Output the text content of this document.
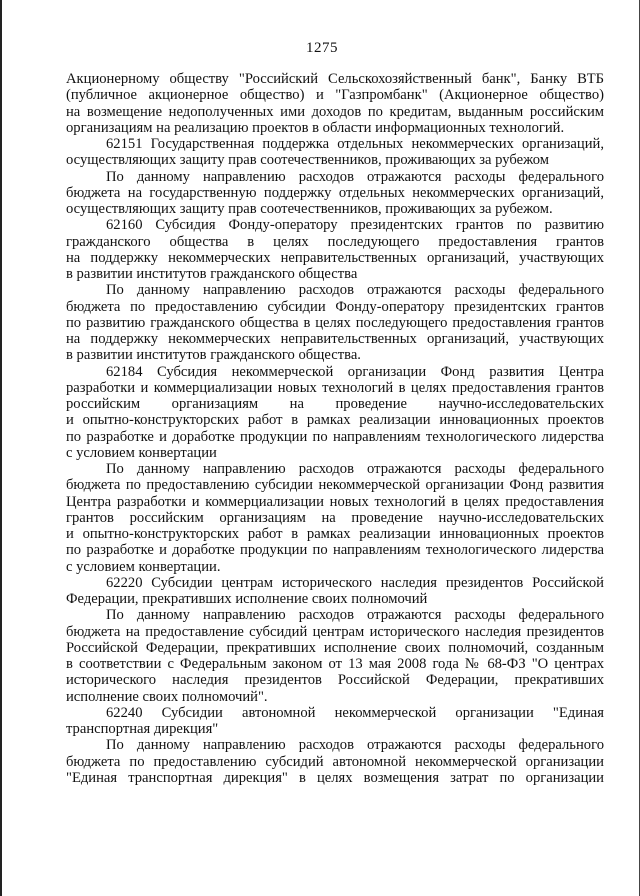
1275
Акционерному обществу "Российский Сельскохозяйственный банк", Банку ВТБ
(публичное акционерное общество) и "Газпромбанк" (Акционерное общество)
на возмещение недополученных ими доходов по кредитам, выданным российским
организациям на реализацию проектов в области информационных технологий.
62151 Государственная поддержка отдельных некоммерческих организаций,
осуществляющих защиту прав соотечественников, проживающих за рубежом
По данному направлению расходов отражаются расходы федерального
бюджета на государственную поддержку отдельных некоммерческих организаций,
осуществляющих защиту прав соотечественников, проживающих за рубежом.
62160 Субсидия Фонду-оператору президентских грантов по развитию
гражданского общества в целях последующего предоставления грантов
на поддержку некоммерческих неправительственных организаций, участвующих
в развитии институтов гражданского общества
По данному направлению расходов отражаются расходы федерального
бюджета по предоставлению субсидии Фонду-оператору президентских грантов
по развитию гражданского общества в целях последующего предоставления грантов
на поддержку некоммерческих неправительственных организаций, участвующих
в развитии институтов гражданского общества.
62184 Субсидия некоммерческой организации Фонд развития Центра
разработки и коммерциализации новых технологий в целях предоставления грантов
российским организациям на проведение научно-исследовательских
и опытно-конструкторских работ в рамках реализации инновационных проектов
по разработке и доработке продукции по направлениям технологического лидерства
с условием конвертации
По данному направлению расходов отражаются расходы федерального
бюджета по предоставлению субсидии некоммерческой организации Фонд развития
Центра разработки и коммерциализации новых технологий в целях предоставления
грантов российским организациям на проведение научно-исследовательских
и опытно-конструкторских работ в рамках реализации инновационных проектов
по разработке и доработке продукции по направлениям технологического лидерства
с условием конвертации.
62220 Субсидии центрам исторического наследия президентов Российской
Федерации, прекративших исполнение своих полномочий
По данному направлению расходов отражаются расходы федерального
бюджета на предоставление субсидий центрам исторического наследия президентов
Российской Федерации, прекративших исполнение своих полномочий, созданным
в соответствии с Федеральным законом от 13 мая 2008 года № 68-ФЗ "О центрах
исторического наследия президентов Российской Федерации, прекративших
исполнение своих полномочий".
62240 Субсидии автономной некоммерческой организации "Единая
транспортная дирекция"
По данному направлению расходов отражаются расходы федерального
бюджета по предоставлению субсидий автономной некоммерческой организации
"Единая транспортная дирекция" в целях возмещения затрат по организации
